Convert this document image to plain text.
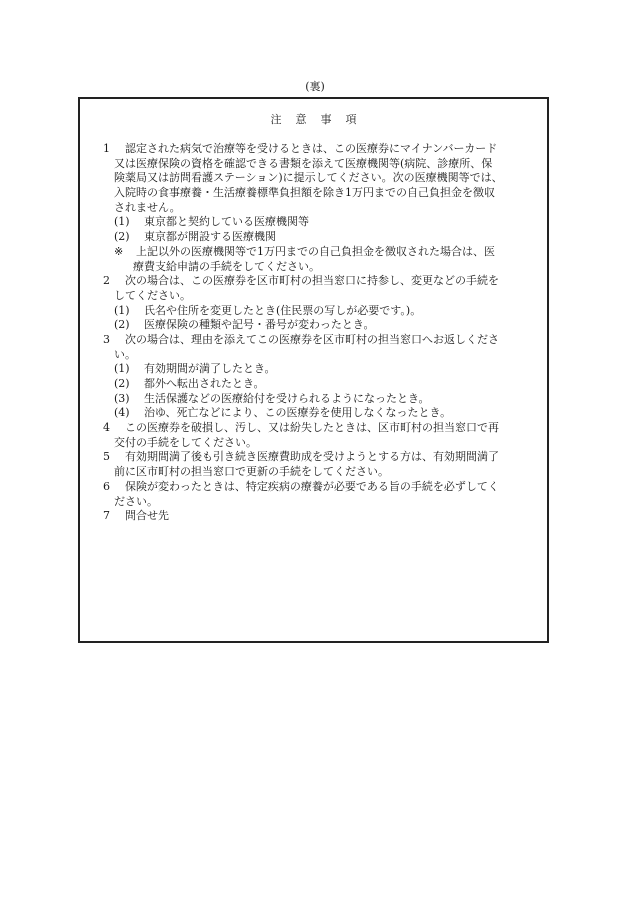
(裏)
注意事項
1 認定された病気で治療等を受けるときは、この医療券にマイナンバーカード
又は医療保険の資格を確認できる書類を添えて医療機関等(病院、診療所、保
険薬局又は訪問看護ステーション)に提示してください。次の医療機関等では、
入院時の食事療養・生活療養標準負担額を除き1万円までの自己負担金を徴収
されません。
(1) 東京都と契約している医療機関等
(2) 東京都が開設する医療機関
※ 上記以外の医療機関等で1万円までの自己負担金を徴収された場合は、医
療費支給申請の手続をしてください。
2 次の場合は、この医療券を区市町村の担当窓口に持参し、変更などの手続を
してください。
(1) 氏名や住所を変更したとき(住民票の写しが必要です。)。
(2) 医療保険の種類や記号・番号が変わったとき。
3 次の場合は、理由を添えてこの医療券を区市町村の担当窓口へお返しくださ
い。
(1) 有効期間が満了したとき。
(2) 都外へ転出されたとき。
(3) 生活保護などの医療給付を受けられるようになったとき。
(4) 治ゆ、死亡などにより、この医療券を使用しなくなったとき。
4 この医療券を破損し、汚し、又は紛失したときは、区市町村の担当窓口で再
交付の手続をしてください。
5 有効期間満了後も引き続き医療費助成を受けようとする方は、有効期間満了
前に区市町村の担当窓口で更新の手続をしてください。
6 保険が変わったときは、特定疾病の療養が必要である旨の手続を必ずしてく
ださい。
7 問合せ先
